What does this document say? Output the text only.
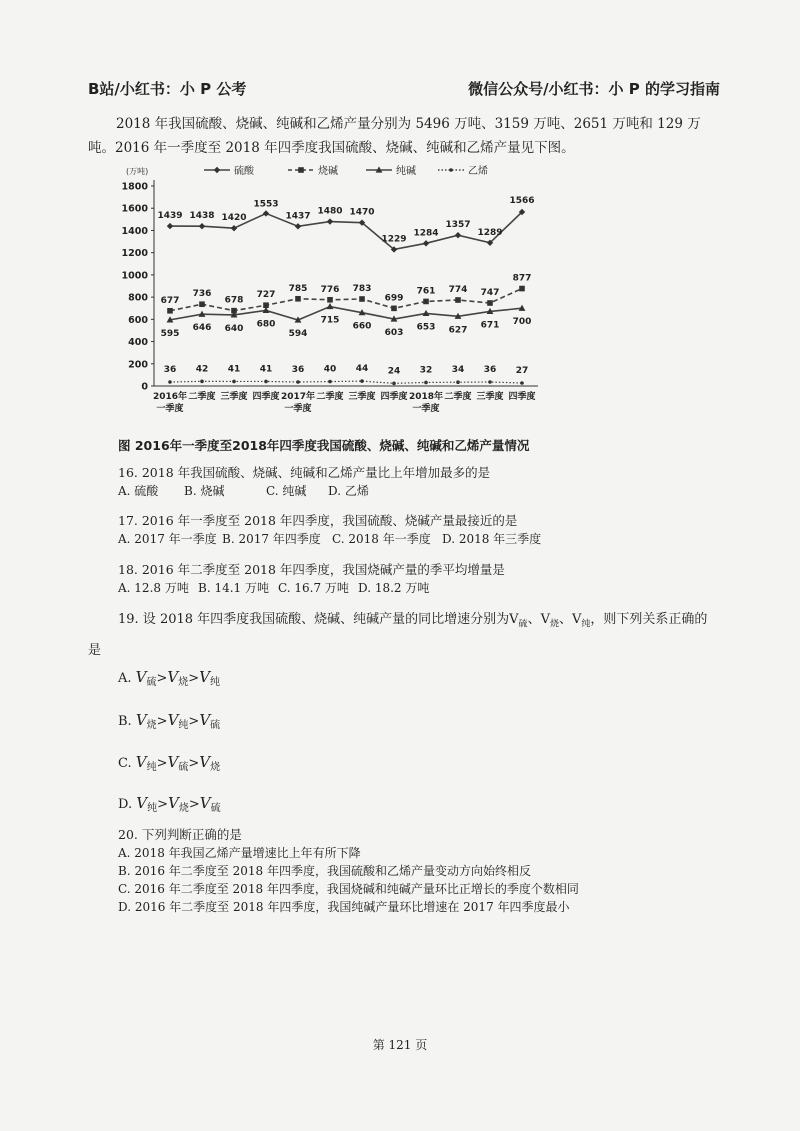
B站/小红书：小 P 公考	微信公众号/小红书：小 P 的学习指南
2018 年我国硫酸、烧碱、纯碱和乙烯产量分别为 5496 万吨、3159 万吨、2651 万吨和 129 万吨。2016 年一季度至 2018 年四季度我国硫酸、烧碱、纯碱和乙烯产量见下图。
(万吨)
0
200
400
600
800
1000
1200
1400
1600
1800
2016年
一季度
二季度 三季度 四季度 2017年
一季度
二季度 三季度 四季度 2018年
一季度
二季度 三季度 四季度
硫酸	烧碱	纯碱	乙烯
1439 1438 1420
1553
1437 1480 1470
1229
1284
1357
1289
1566
677
736
678
727
785 776 783
699
761 774 747
877
595
646 640 680
594
715
660
603
653 627 671 700
36 42 41 41 36 40 44 24 32 34 36 27
图 2016年一季度至2018年四季度我国硫酸、烧碱、纯碱和乙烯产量情况
16. 2018 年我国硫酸、烧碱、纯碱和乙烯产量比上年增加最多的是
A. 硫酸 B. 烧碱	C. 纯碱 D. 乙烯
17. 2016 年一季度至 2018 年四季度，我国硫酸、烧碱产量最接近的是
A. 2017 年一季度 B. 2017 年四季度 C. 2018 年一季度 D. 2018 年三季度
18. 2016 年二季度至 2018 年四季度，我国烧碱产量的季平均增量是
A. 12.8 万吨 B. 14.1 万吨 C. 16.7 万吨 D. 18.2 万吨
19. 设 2018 年四季度我国硫酸、烧碱、纯碱产量的同比增速分别为$V_硫$、$V_烧$、$V_纯$，则下列关系正确的
是
A. $V_硫>V_烧>V_纯$
B. $V_烧>V_纯>V_硫$
C. $V_纯>V_硫>V_烧$
D. $V_纯>V_烧>V_硫$
20. 下列判断正确的是
A. 2018 年我国乙烯产量增速比上年有所下降
B. 2016 年二季度至 2018 年四季度，我国硫酸和乙烯产量变动方向始终相反
C. 2016 年二季度至 2018 年四季度，我国烧碱和纯碱产量环比正增长的季度个数相同
D. 2016 年二季度至 2018 年四季度，我国纯碱产量环比增速在 2017 年四季度最小
第 121 页
